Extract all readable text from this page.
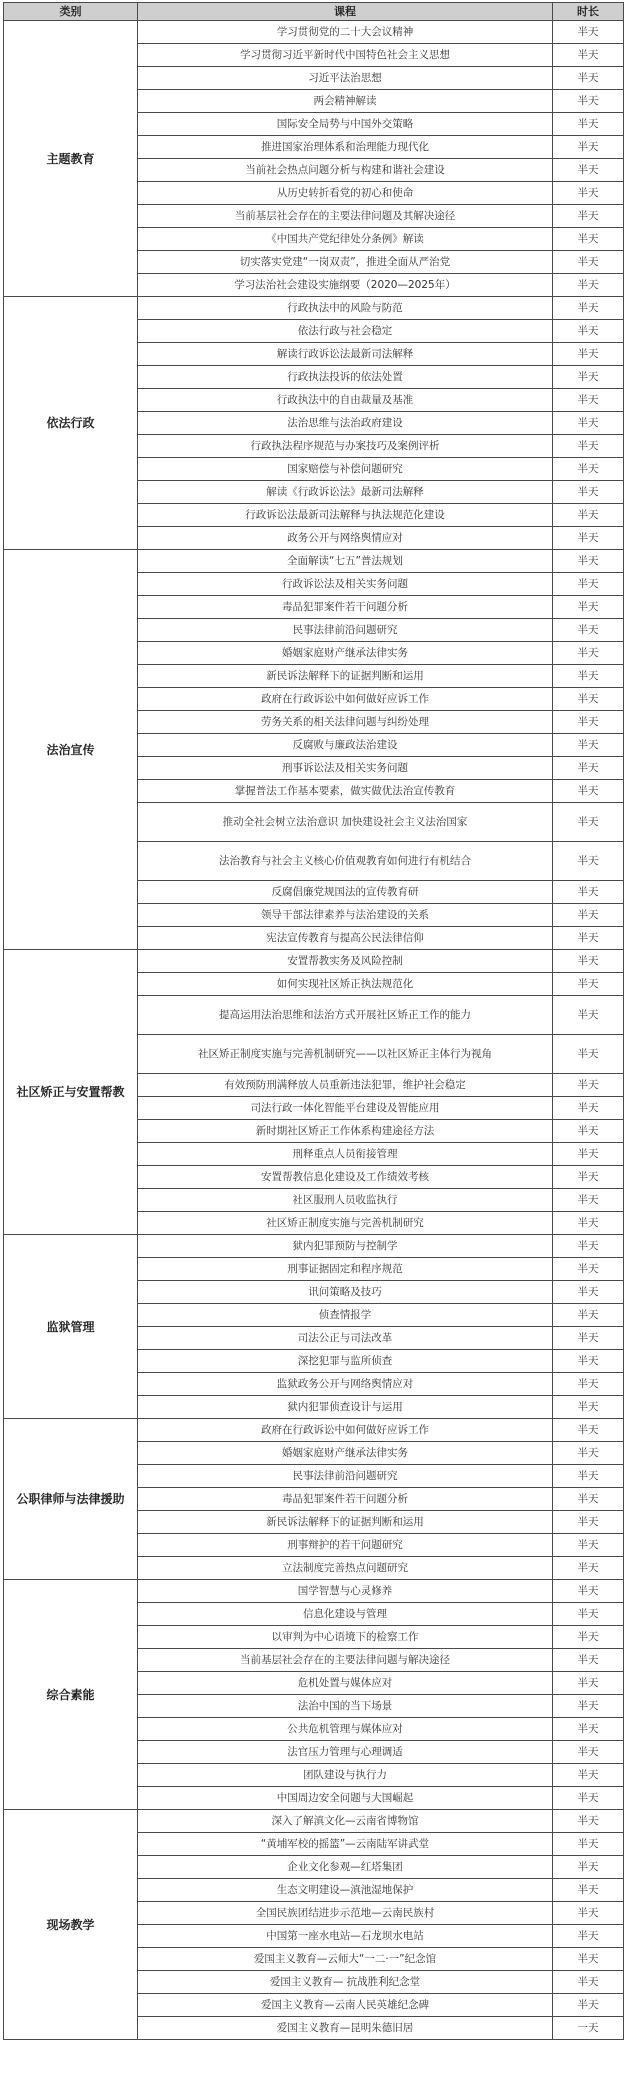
类别	课程	时长
主题教育	学习贯彻党的二十大会议精神	半天
	学习贯彻习近平新时代中国特色社会主义思想	半天
	习近平法治思想	半天
	两会精神解读	半天
	国际安全局势与中国外交策略	半天
	推进国家治理体系和治理能力现代化	半天
	当前社会热点问题分析与构建和谐社会建设	半天
	从历史转折看党的初心和使命	半天
	当前基层社会存在的主要法律问题及其解决途径	半天
	《中国共产党纪律处分条例》解读	半天
	切实落实党建“一岗双责”，推进全面从严治党	半天
	学习法治社会建设实施纲要（2020—2025年）	半天
依法行政	行政执法中的风险与防范	半天
	依法行政与社会稳定	半天
	解读行政诉讼法最新司法解释	半天
	行政执法投诉的依法处置	半天
	行政执法中的自由裁量及基准	半天
	法治思维与法治政府建设	半天
	行政执法程序规范与办案技巧及案例评析	半天
	国家赔偿与补偿问题研究	半天
	解读《行政诉讼法》最新司法解释	半天
	行政诉讼法最新司法解释与执法规范化建设	半天
	政务公开与网络舆情应对	半天
法治宣传	全面解读“七五”普法规划	半天
	行政诉讼法及相关实务问题	半天
	毒品犯罪案件若干问题分析	半天
	民事法律前沿问题研究	半天
	婚姻家庭财产继承法律实务	半天
	新民诉法解释下的证据判断和运用	半天
	政府在行政诉讼中如何做好应诉工作	半天
	劳务关系的相关法律问题与纠纷处理	半天
	反腐败与廉政法治建设	半天
	刑事诉讼法及相关实务问题	半天
	掌握普法工作基本要素，做实做优法治宣传教育	半天
	推动全社会树立法治意识 加快建设社会主义法治国家	半天
	法治教育与社会主义核心价值观教育如何进行有机结合	半天
	反腐倡廉党规国法的宣传教育研	半天
	领导干部法律素养与法治建设的关系	半天
	宪法宣传教育与提高公民法律信仰	半天
社区矫正与安置帮教	安置帮教实务及风险控制	半天
	如何实现社区矫正执法规范化	半天
	提高运用法治思维和法治方式开展社区矫正工作的能力	半天
	社区矫正制度实施与完善机制研究——以社区矫正主体行为视角	半天
	有效预防刑满释放人员重新违法犯罪，维护社会稳定	半天
	司法行政一体化智能平台建设及智能应用	半天
	新时期社区矫正工作体系构建途径方法	半天
	刑释重点人员衔接管理	半天
	安置帮教信息化建设及工作绩效考核	半天
	社区服刑人员收监执行	半天
	社区矫正制度实施与完善机制研究	半天
监狱管理	狱内犯罪预防与控制学	半天
	刑事证据固定和程序规范	半天
	讯问策略及技巧	半天
	侦查情报学	半天
	司法公正与司法改革	半天
	深挖犯罪与监所侦查	半天
	监狱政务公开与网络舆情应对	半天
	狱内犯罪侦查设计与运用	半天
公职律师与法律援助	政府在行政诉讼中如何做好应诉工作	半天
	婚姻家庭财产继承法律实务	半天
	民事法律前沿问题研究	半天
	毒品犯罪案件若干问题分析	半天
	新民诉法解释下的证据判断和运用	半天
	刑事辩护的若干问题研究	半天
	立法制度完善热点问题研究	半天
综合素能	国学智慧与心灵修养	半天
	信息化建设与管理	半天
	以审判为中心语境下的检察工作	半天
	当前基层社会存在的主要法律问题与解决途径	半天
	危机处置与媒体应对	半天
	法治中国的当下场景	半天
	公共危机管理与媒体应对	半天
	法官压力管理与心理调适	半天
	团队建设与执行力	半天
	中国周边安全问题与大国崛起	半天
现场教学	深入了解滇文化—云南省博物馆	半天
	“黄埔军校的摇篮”—云南陆军讲武堂	半天
	企业文化参观—红塔集团	半天
	生态文明建设—滇池湿地保护	半天
	全国民族团结进步示范地—云南民族村	半天
	中国第一座水电站—石龙坝水电站	半天
	爱国主义教育—云师大“一二·一”纪念馆	半天
	爱国主义教育— 抗战胜利纪念堂	半天
	爱国主义教育—云南人民英雄纪念碑	半天
	爱国主义教育—昆明朱德旧居	一天
